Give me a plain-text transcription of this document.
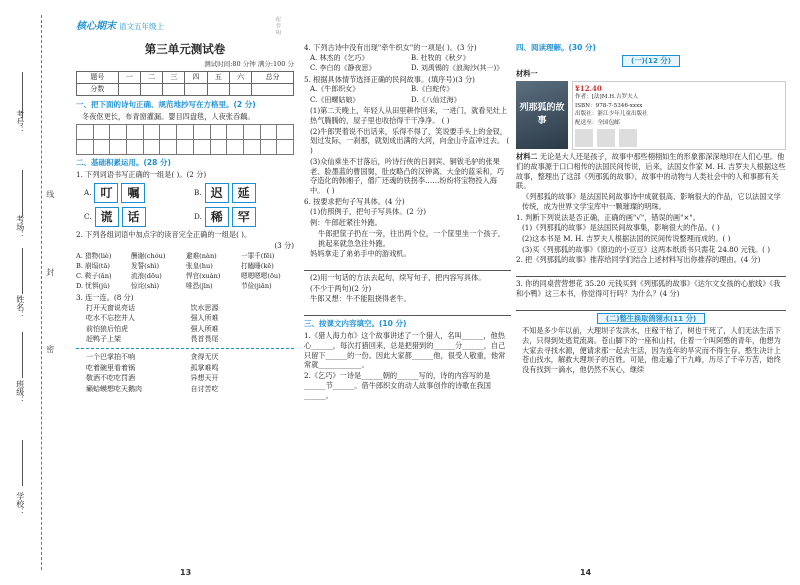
考号：
考场：
姓名：
班级：
学校：
线
封
密
核心期末 语文五年级上
配套RJ
第三单元测试卷
测试时间:80 分钟 满分:100 分
题号	一	二	三	四	五	六	总分
分数							
一、把下面的诗句正确、规范地抄写在方格里。(2 分)
冬夜伛更长，布青窗灌漏。婴目四盘毯，人夜张吞藕。
二、基础积累运用。(28 分)
1. 下列词语书写正确的一组是( )。(2 分)
A. 叮	嘱	B. 迟	延
C. 谎	话	D. 稀	罕
2. 下列各组词语中加点字的读音完全正确的一组是( )。
(3 分)
A. 猎物(liè)	酬谢(chóu)	避难(nàn)	一罪千(fēi)
B. 崩塌(tā)	发誓(shì)	张皇(hu)	打瞌睡(kē)
C. 鞍子(ǎn)	流浪(dōu)	悍官(xuàn)	嗯嗯嗯嗯(ōu)
D. 忧惧(jǔ)	惊诧(shì)	唯恐(jīn)	节俭(jiǎn)
3. 连一连。(8 分)
打开天窗说亮话	饮水思源
吃水不忘挖井人	强人所难
前怕狼后怕虎	强人所难
赶鸭子上架	畏首畏尾
一个巴掌拍不响	贪得无厌
吃着碗里看着锅	孤掌难鸣
敬酒不吃吃罚酒	异想天开
癞蛤蟆想吃天鹅肉	自讨苦吃
13
4. 下列古诗中没有出现"牵牛织女"的一项是( )。(3 分)
A. 林杰的《乞巧》	B. 杜牧的《秋夕》
C. 李白的《静夜思》	D. 刘禹锡的《浪淘沙(其一)》
5. 根据具体情节选择正确的民间故事。(填序号)(3 分)
A.《牛郎织女》	B.《白蛇传》
C.《田螺姑娘》	D.《八仙过海》
(1)第二天晚上，年轻人从田里耕作回来，一进门，就看见灶上热气腾腾的，屋子里也收拾得干干净净。 ( )
(2)牛郎哭着说不出话来，乐得不得了，笑说要手头上的金钗，划过发际，一刹那，就划成出满的大河，向金山寺直冲过去。 ( )
(3)众仙乘坐不甘落后，吟诗行侠的吕洞宾、铜钹毛驴的张果老、脸墨蓝的曹国舅，肚皮略凸的汉钟离、大金的蓝采和，巧夺造化的韩湘子，僧广还魂的铁拐李……纷纷将宝物投入海中。 ( )
6. 按要求把句子写具体。(4 分)
(1)仿照例子，把句子写具体。(2 分)
例：牛郎赶紧往外跑。
牛郎把筐子扔在一旁，往出两个位，一个筐里坐一个孩子，挑起来就急急往外跑。
妈妈拿走了弟弟手中的游戏机。
(2)用一句话的方法去起句，续写句子，把内容写具体。
(不少于两句)(2 分)
牛郎又想：牛不能阻挠得老牛。
三、按课文内容填空。(10 分)
1.《猎人海力布》这个故事讲述了一个猎人，名叫______，他热心______，每次打猎回来，总是把猎到的______分______，自己只留下______的一份。因此大家都______他，很受人敬重，他常常就____________。
2.《乞巧》一诗是______朝的______写的，诗的内容写的是______节______。借牛郎织女的动人故事创作的诗歌在我国______。
14
四、阅读理解。(30 分)
(一)(12 分)
材料一
列那狐的故事
¥12.40
作者：[法]M.H.吉罗夫人
ISBN：978-7-5346-xxxx
出版社：浙江少年儿童出版社
配送至：全国包邮
材料二 无论是大人还是孩子，故事中那些栩栩如生的形象都深深地印在人们心里。他们的故事源于口口相传的法国民间传说，后来，法国女作家 M. H. 吉罗夫人根据这些故事，整理出了这部《列那狐的故事》，故事中的动物与人类社会中的人和事都有关联。
《列那狐的故事》是法国民间故事诗中成就很高、影响很大的作品，它以法国文学传统，成为世界文学宝库中一颗璀璨的明珠。
1. 判断下列说法是否正确，正确的画"√"，错误的画"×"。
(1)《列那狐的故事》是法国民间故事集，影响很大的作品。( )
(2)这本书是 M. H. 吉罗夫人根据法国的民间传说整理而成的。( )
(3)买《列那狐的故事》《窗边的小豆豆》这两本纸质书只需花 24.80 元钱。( )
2. 把《列那狐的故事》推荐给同学们结合上述材料写出你推荐的理由。(4 分)
3. 你的同桌营营想花 35.20 元钱买到《列那狐的故事》《达尔文女孩的心旅线》《我和小鸭》这三本书，你觉得可行吗？为什么？(4 分)
(二)整生换取鸽翎水(11 分)
不知是多少年以前，大理坝子发洪水，庄稼干枯了，树也干死了，人们无法生活下去，只得到处逃荒流离。苍山脚下的一座和山村，住着一个叫阿憨的青年，他想为大家去寻找水源，便请求那一起去生活，因为连年的旱灾而不得生存。憨生决计上苍山找水，解救大理坝子的百姓。可是，他走遍了干九峰，历尽了千辛万苦，始终没有找到一滴水，他仍然不灰心，继续
